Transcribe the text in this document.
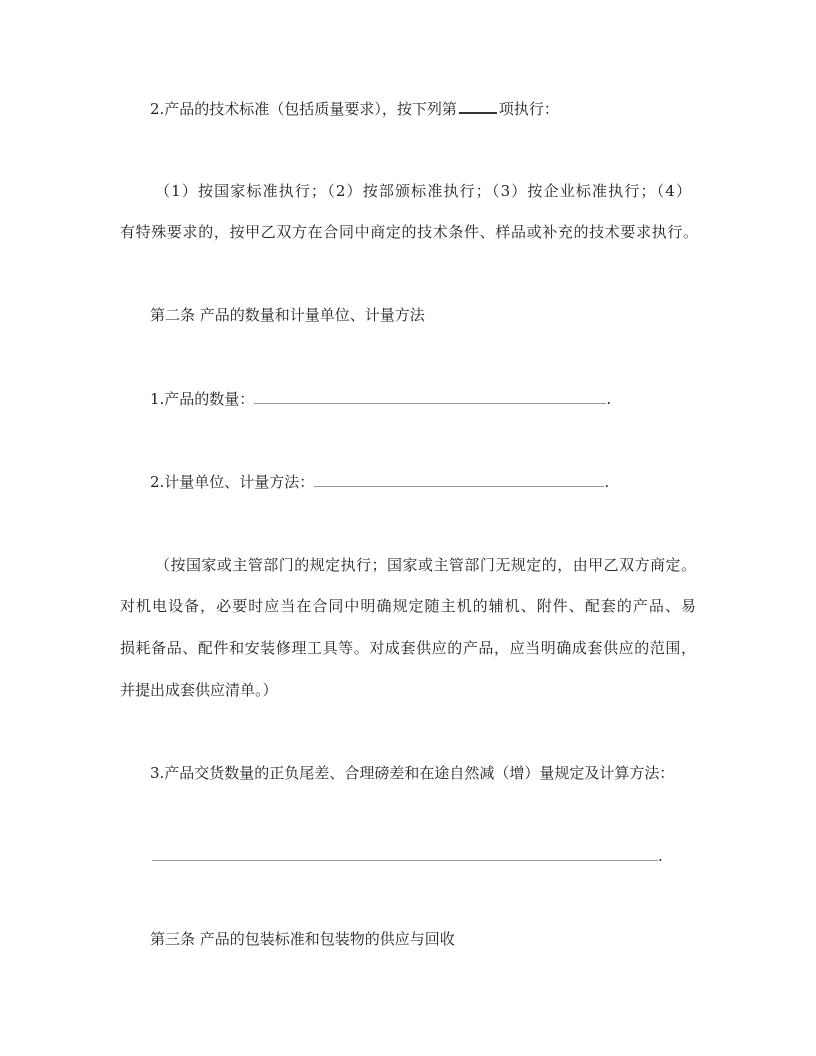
2.产品的技术标准（包括质量要求），按下列第	项执行：
（1）按国家标准执行；（2）按部颁标准执行；（3）按企业标准执行；（4）
有特殊要求的，按甲乙双方在合同中商定的技术条件、样品或补充的技术要求执行。
第二条 产品的数量和计量单位、计量方法
1.产品的数量：	.
2.计量单位、计量方法：	.
（按国家或主管部门的规定执行；国家或主管部门无规定的，由甲乙双方商定。
对机电设备，必要时应当在合同中明确规定随主机的辅机、附件、配套的产品、易
损耗备品、配件和安装修理工具等。对成套供应的产品，应当明确成套供应的范围，
并提出成套供应清单。）
3.产品交货数量的正负尾差、合理磅差和在途自然减（增）量规定及计算方法：
.
第三条 产品的包装标准和包装物的供应与回收
